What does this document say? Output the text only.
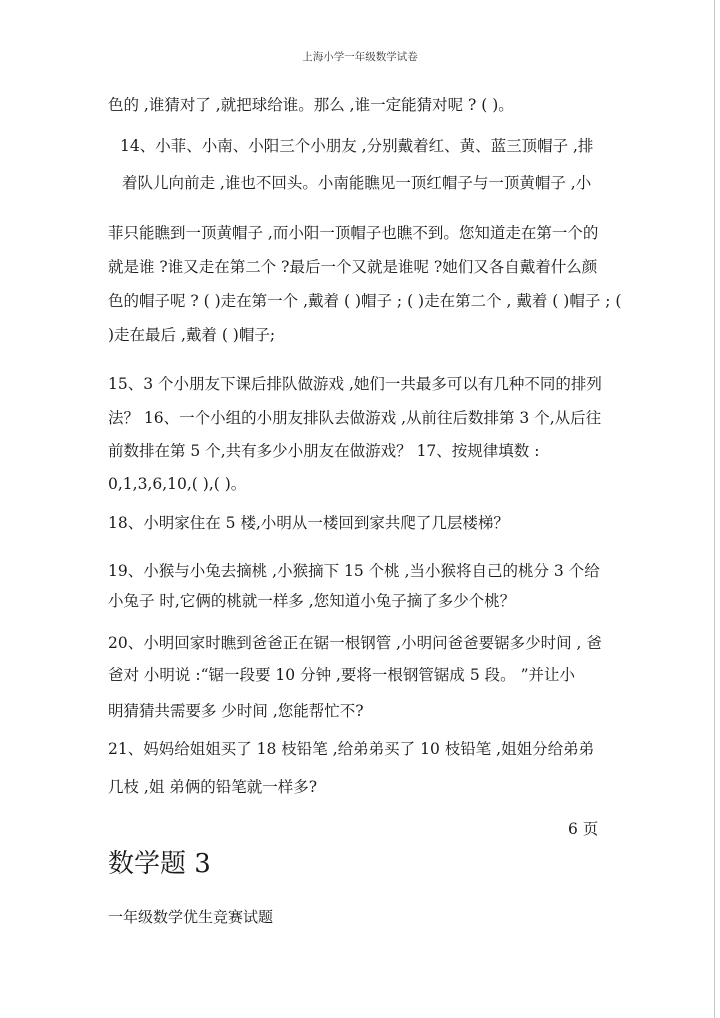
上海小学一年级数学试卷
色的 ,谁猜对了 ,就把球给谁。那么 ,谁一定能猜对呢 ? ( )。
14、小菲、小南、小阳三个小朋友 ,分别戴着红、黄、蓝三顶帽子 ,排
着队儿向前走 ,谁也不回头。小南能瞧见一顶红帽子与一顶黄帽子 ,小
菲只能瞧到一顶黄帽子 ,而小阳一顶帽子也瞧不到。您知道走在第一个的
就是谁 ?谁又走在第二个 ?最后一个又就是谁呢 ?她们又各自戴着什么颜
色的帽子呢 ? ( )走在第一个 ,戴着 ( )帽子 ; ( )走在第二个 , 戴着 ( )帽子 ; (
)走在最后 ,戴着 ( )帽子;
15、3 个小朋友下课后排队做游戏 ,她们一共最多可以有几种不同的排列
法？ 16、一个小组的小朋友排队去做游戏 ,从前往后数排第 3 个,从后往
前数排在第 5 个,共有多少小朋友在做游戏？ 17、按规律填数 :
0,1,3,6,10,( ),( )。
18、小明家住在 5 楼,小明从一楼回到家共爬了几层楼梯？
19、小猴与小兔去摘桃 ,小猴摘下 15 个桃 ,当小猴将自己的桃分 3 个给
小兔子 时,它俩的桃就一样多 ,您知道小兔子摘了多少个桃？
20、小明回家时瞧到爸爸正在锯一根钢管 ,小明问爸爸要锯多少时间 , 爸
爸对 小明说 :“锯一段要 10 分钟 ,要将一根钢管锯成 5 段。 ”并让小
明猜猜共需要多 少时间 ,您能帮忙不?
21、妈妈给姐姐买了 18 枝铅笔 ,给弟弟买了 10 枝铅笔 ,姐姐分给弟弟
几枝 ,姐 弟俩的铅笔就一样多?
6 页
数学题 3
一年级数学优生竞赛试题
